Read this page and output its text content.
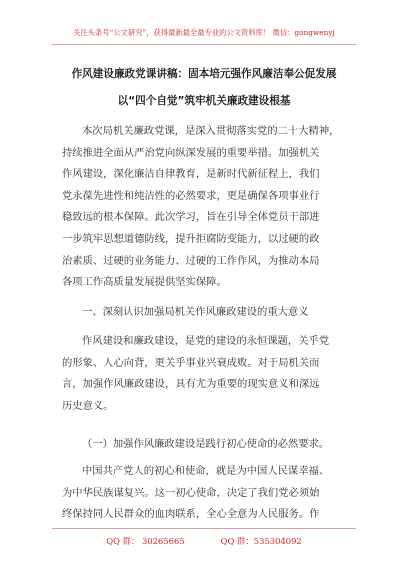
关注头条号“公文研究”，获得最新最全最专业的公文资料库！ 微信：gongwenyj
作风建设廉政党课讲稿：固本培元强作风廉洁奉公促发展
以“四个自觉”筑牢机关廉政建设根基
本次局机关廉政党课，是深入贯彻落实党的二十大精神，
持续推进全面从严治党向纵深发展的重要举措。加强机关
作风建设，深化廉洁自律教育，是新时代新征程上，我们
党永葆先进性和纯洁性的必然要求，更是确保各项事业行
稳致远的根本保障。此次学习，旨在引导全体党员干部进
一步筑牢思想道德防线，提升拒腐防变能力，以过硬的政
治素质、过硬的业务能力、过硬的工作作风，为推动本局
各项工作高质量发展提供坚实保障。
一、深刻认识加强局机关作风廉政建设的重大意义
作风建设和廉政建设，是党的建设的永恒课题，关乎党
的形象、人心向背，更关乎事业兴衰成败。对于局机关而
言，加强作风廉政建设，具有尤为重要的现实意义和深远
历史意义。
（一）加强作风廉政建设是践行初心使命的必然要求。
中国共产党人的初心和使命，就是为中国人民谋幸福、
为中华民族谋复兴。这一初心使命，决定了我们党必须始
终保持同人民群众的血肉联系，全心全意为人民服务。作
QQ 群： 30265665	QQ 群：535304092
